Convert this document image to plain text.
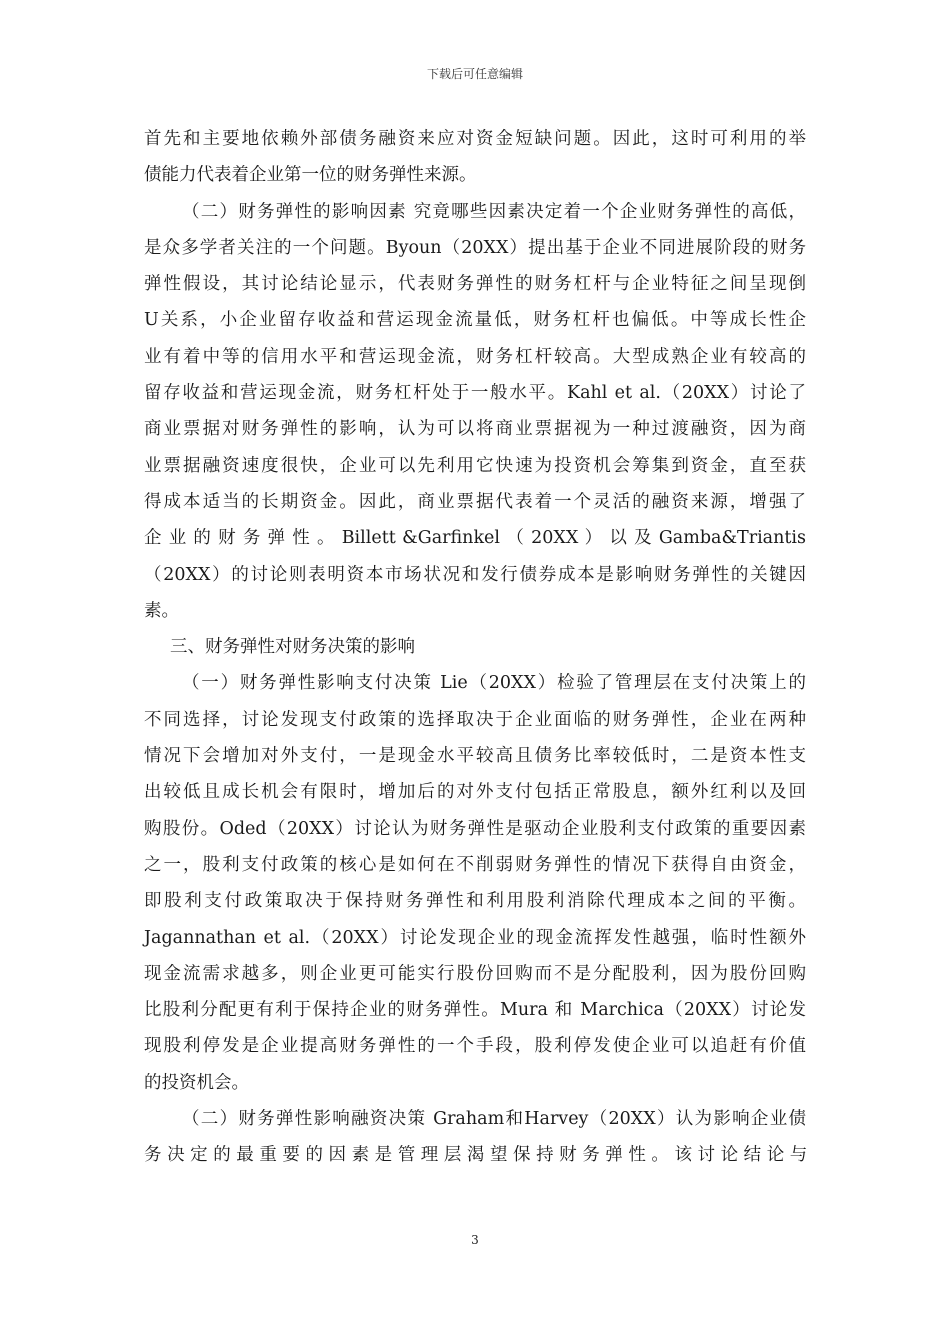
下载后可任意编辑
首先和主要地依赖外部债务融资来应对资金短缺问题。因此，这时可利用的举
债能力代表着企业第一位的财务弹性来源。
（二）财务弹性的影响因素 究竟哪些因素决定着一个企业财务弹性的高低，
是众多学者关注的一个问题。Byoun（20XX）提出基于企业不同进展阶段的财务
弹性假设，其讨论结论显示，代表财务弹性的财务杠杆与企业特征之间呈现倒
U关系，小企业留存收益和营运现金流量低，财务杠杆也偏低。中等成长性企
业有着中等的信用水平和营运现金流，财务杠杆较高。大型成熟企业有较高的
留存收益和营运现金流，财务杠杆处于一般水平。Kahl et al.（20XX）讨论了
商业票据对财务弹性的影响，认为可以将商业票据视为一种过渡融资，因为商
业票据融资速度很快，企业可以先利用它快速为投资机会筹集到资金，直至获
得成本适当的长期资金。因此，商业票据代表着一个灵活的融资来源，增强了
企 业 的 财 务 弹 性 。 Billett &Garfinkel （ 20XX ） 以 及 Gamba&Triantis
（20XX）的讨论则表明资本市场状况和发行债券成本是影响财务弹性的关键因
素。
三、财务弹性对财务决策的影响
（一）财务弹性影响支付决策 Lie（20XX）检验了管理层在支付决策上的
不同选择，讨论发现支付政策的选择取决于企业面临的财务弹性，企业在两种
情况下会增加对外支付，一是现金水平较高且债务比率较低时，二是资本性支
出较低且成长机会有限时，增加后的对外支付包括正常股息，额外红利以及回
购股份。Oded（20XX）讨论认为财务弹性是驱动企业股利支付政策的重要因素
之一，股利支付政策的核心是如何在不削弱财务弹性的情况下获得自由资金，
即股利支付政策取决于保持财务弹性和利用股利消除代理成本之间的平衡。
Jagannathan et al.（20XX）讨论发现企业的现金流挥发性越强，临时性额外
现金流需求越多，则企业更可能实行股份回购而不是分配股利，因为股份回购
比股利分配更有利于保持企业的财务弹性。Mura 和 Marchica（20XX）讨论发
现股利停发是企业提高财务弹性的一个手段，股利停发使企业可以追赶有价值
的投资机会。
（二）财务弹性影响融资决策 Graham和Harvey（20XX）认为影响企业债
务 决 定 的 最 重 要 的 因 素 是 管 理 层 渴 望 保 持 财 务 弹 性 。 该 讨 论 结 论 与
3
